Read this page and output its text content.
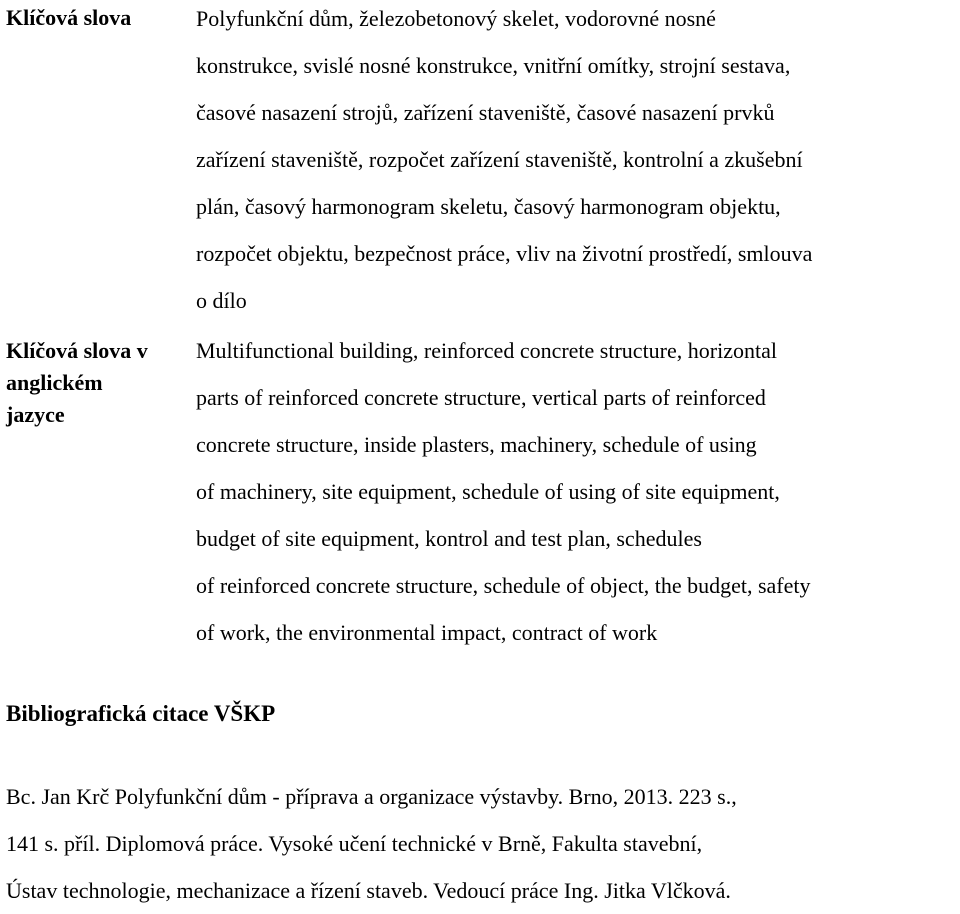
Klíčová slova	Polyfunkční dům, železobetonový skelet, vodorovné nosné
konstrukce, svislé nosné konstrukce, vnitřní omítky, strojní sestava,
časové nasazení strojů, zařízení staveniště, časové nasazení prvků
zařízení staveniště, rozpočet zařízení staveniště, kontrolní a zkušební
plán, časový harmonogram skeletu, časový harmonogram objektu,
rozpočet objektu, bezpečnost práce, vliv na životní prostředí, smlouva
o dílo
Klíčová slova v
anglickém
jazyce
Multifunctional building, reinforced concrete structure, horizontal
parts of reinforced concrete structure, vertical parts of reinforced
concrete structure, inside plasters, machinery, schedule of using
of machinery, site equipment, schedule of using of site equipment,
budget of site equipment, kontrol and test plan, schedules
of reinforced concrete structure, schedule of object, the budget, safety
of work, the environmental impact, contract of work
Bibliografická citace VŠKP
Bc. Jan Krč Polyfunkční dům - příprava a organizace výstavby. Brno, 2013. 223 s.,
141 s. příl. Diplomová práce. Vysoké učení technické v Brně, Fakulta stavební,
Ústav technologie, mechanizace a řízení staveb. Vedoucí práce Ing. Jitka Vlčková.
